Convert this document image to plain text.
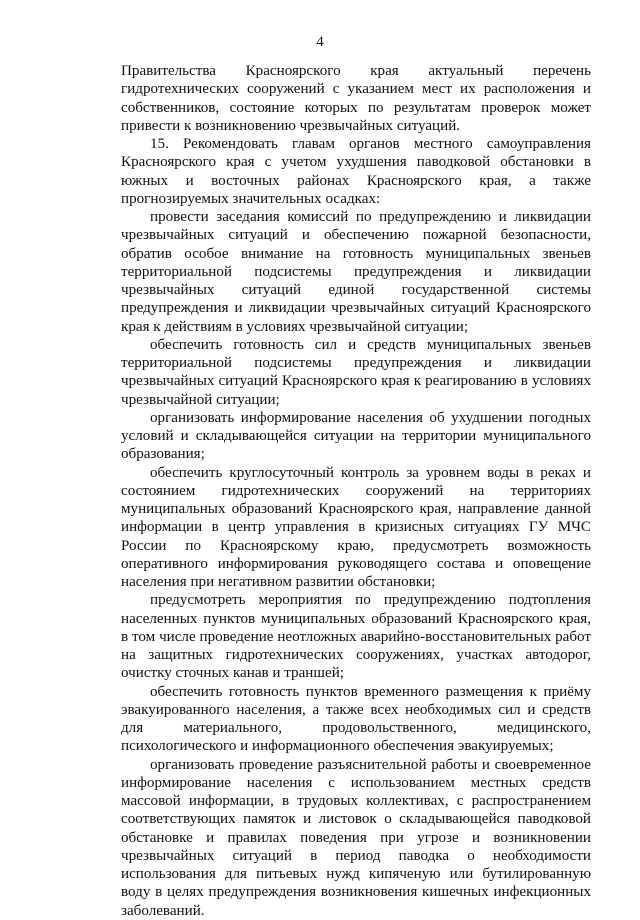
4

Правительства Красноярского края актуальный перечень гидротехнических сооружений с указанием мест их расположения и собственников, состояние которых по результатам проверок может привести к возникновению чрезвычайных ситуаций.

15. Рекомендовать главам органов местного самоуправления Красноярского края с учетом ухудшения паводковой обстановки в южных и восточных районах Красноярского края, а также прогнозируемых значительных осадках:

провести заседания комиссий по предупреждению и ликвидации чрезвычайных ситуаций и обеспечению пожарной безопасности, обратив особое внимание на готовность муниципальных звеньев территориальной подсистемы предупреждения и ликвидации чрезвычайных ситуаций единой государственной системы предупреждения и ликвидации чрезвычайных ситуаций Красноярского края к действиям в условиях чрезвычайной ситуации;

обеспечить готовность сил и средств муниципальных звеньев территориальной подсистемы предупреждения и ликвидации чрезвычайных ситуаций Красноярского края к реагированию в условиях чрезвычайной ситуации;

организовать информирование населения об ухудшении погодных условий и складывающейся ситуации на территории муниципального образования;

обеспечить круглосуточный контроль за уровнем воды в реках и состоянием гидротехнических сооружений на территориях муниципальных образований Красноярского края, направление данной информации в центр управления в кризисных ситуациях ГУ МЧС России по Красноярскому краю, предусмотреть возможность оперативного информирования руководящего состава и оповещение населения при негативном развитии обстановки;

предусмотреть мероприятия по предупреждению подтопления населенных пунктов муниципальных образований Красноярского края, в том числе проведение неотложных аварийно-восстановительных работ на защитных гидротехнических сооружениях, участках автодорог, очистку сточных канав и траншей;

обеспечить готовность пунктов временного размещения к приёму эвакуированного населения, а также всех необходимых сил и средств для материального, продовольственного, медицинского, психологического и информационного обеспечения эвакуируемых;

организовать проведение разъяснительной работы и своевременное информирование населения с использованием местных средств массовой информации, в трудовых коллективах, с распространением соответствующих памяток и листовок о складывающейся паводковой обстановке и правилах поведения при угрозе и возникновении чрезвычайных ситуаций в период паводка о необходимости использования для питьевых нужд кипяченую или бутилированную воду в целях предупреждения возникновения кишечных инфекционных заболеваний.
